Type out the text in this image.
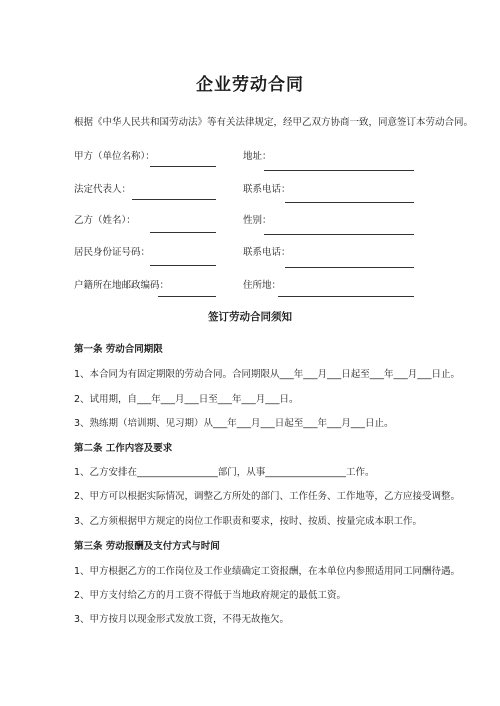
企业劳动合同
根据《中华人民共和国劳动法》等有关法律规定，经甲乙双方协商一致，同意签订本劳动合同。
甲方（单位名称）：	地址：
法定代表人：	联系电话：
乙方（姓名）：	性别：
居民身份证号码：	联系电话：
户籍所在地邮政编码：	住所地：
签订劳动合同须知
第一条 劳动合同期限
1、本合同为有固定期限的劳动合同。合同期限从___年___月___日起至___年___月___日止。
2、试用期，自___年___月___日至___年___月___日。
3、熟练期（培训期、见习期）从___年___月___日起至___年___月___日止。
第二条 工作内容及要求
1、乙方安排在_________________部门，从事_________________工作。
2、甲方可以根据实际情况，调整乙方所处的部门、工作任务、工作地等，乙方应接受调整。
3、乙方须根据甲方规定的岗位工作职责和要求，按时、按质、按量完成本职工作。
第三条 劳动报酬及支付方式与时间
1、甲方根据乙方的工作岗位及工作业绩确定工资报酬，在本单位内参照适用同工同酬待遇。
2、甲方支付给乙方的月工资不得低于当地政府规定的最低工资。
3、甲方按月以现金形式发放工资，不得无故拖欠。
